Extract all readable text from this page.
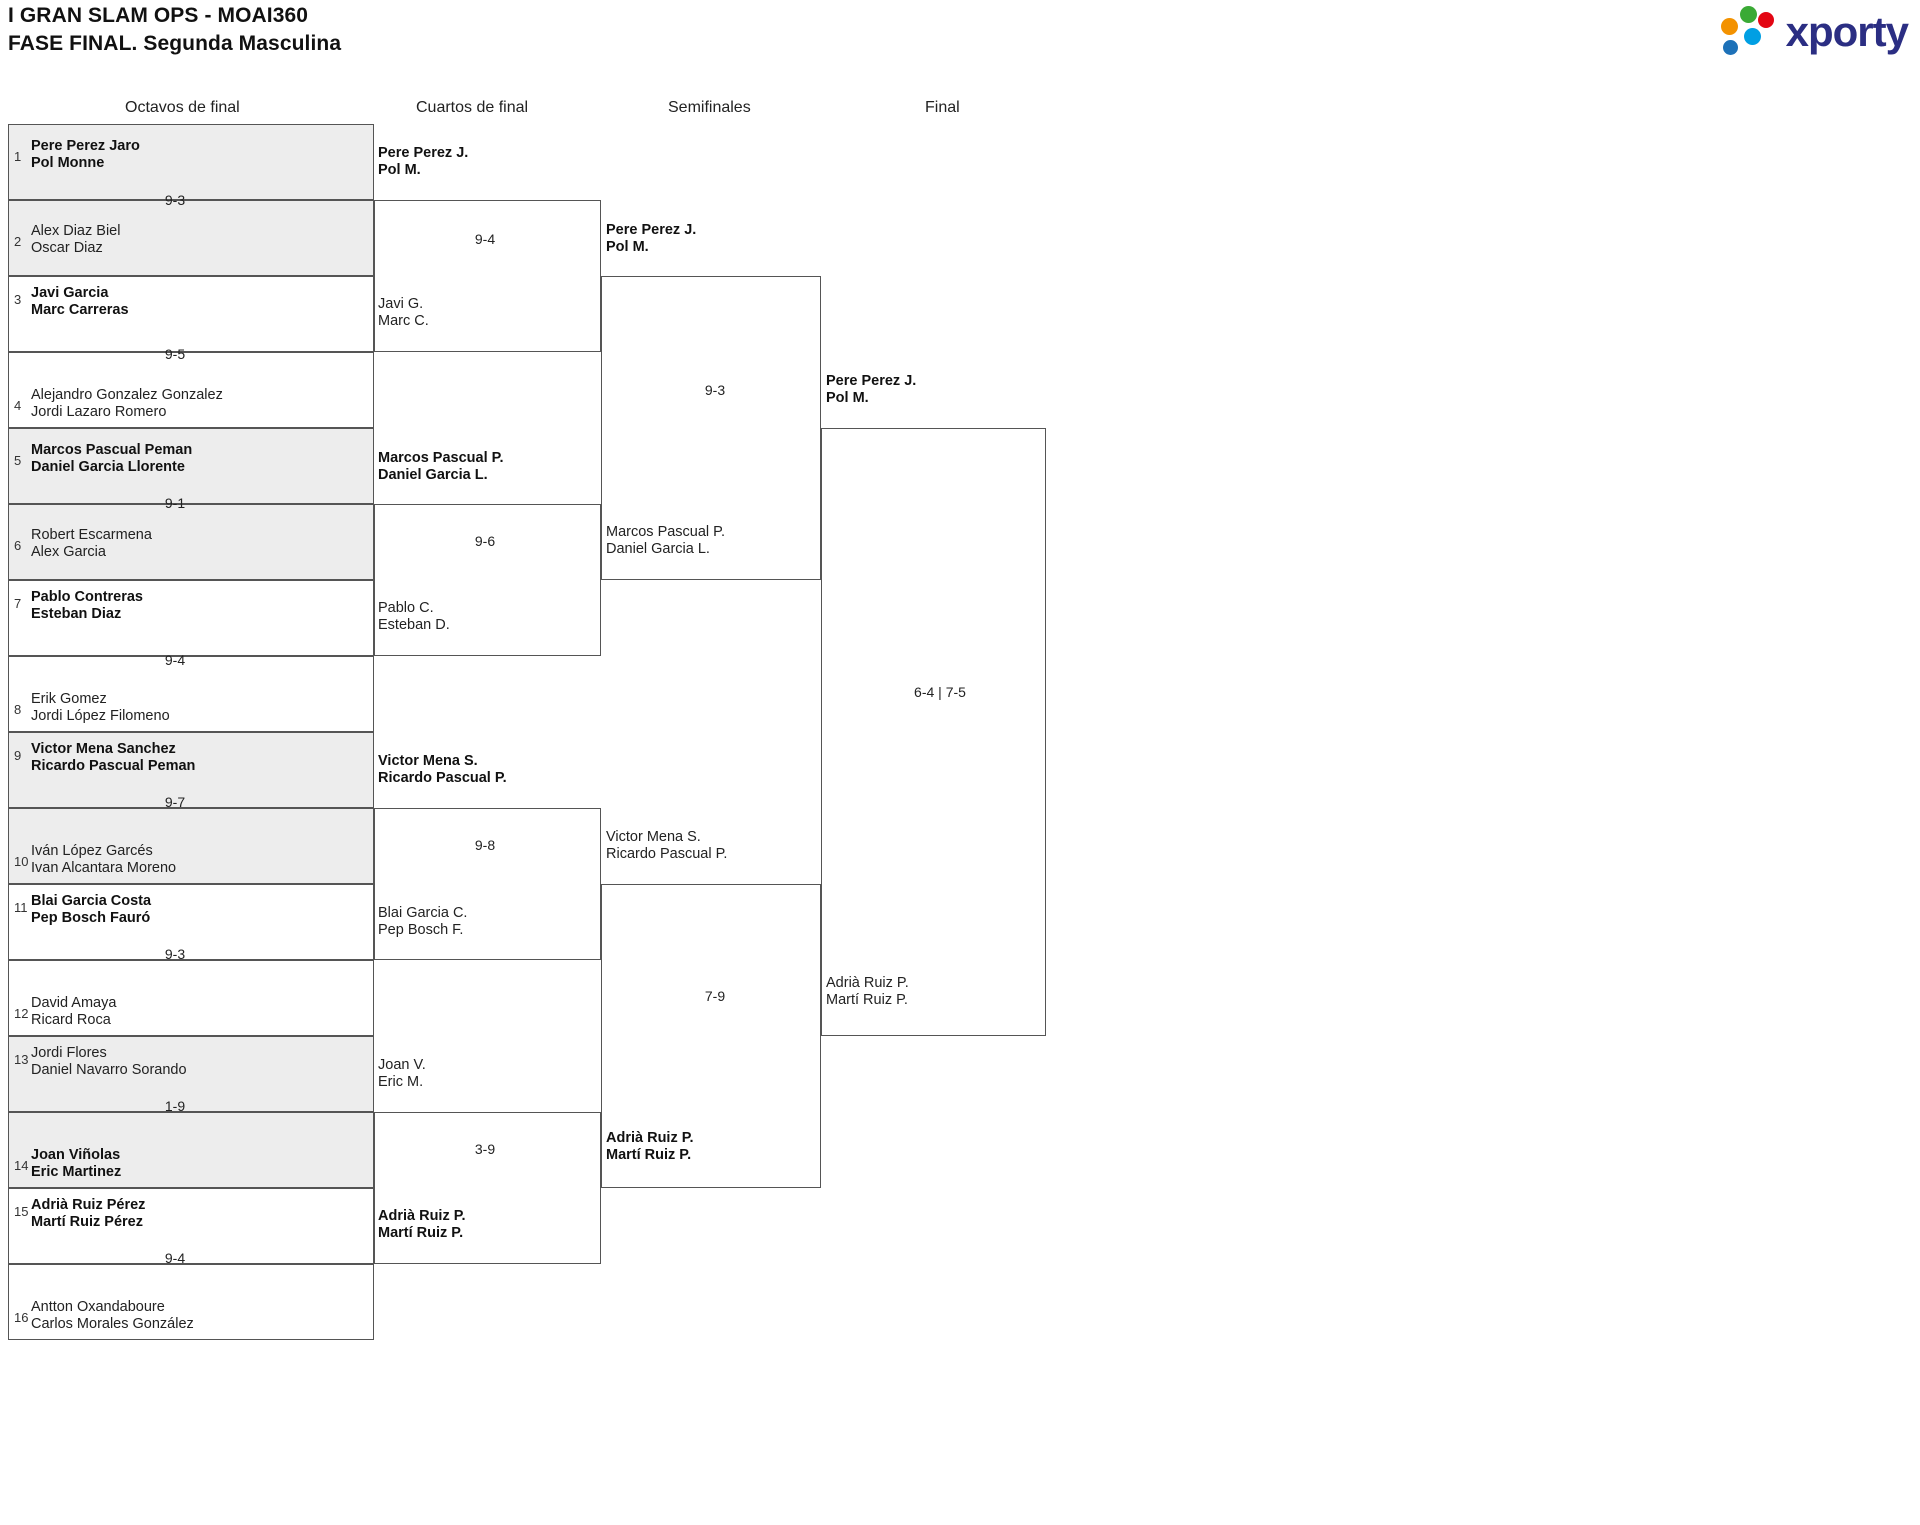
I GRAN SLAM OPS - MOAI360
FASE FINAL. Segunda Masculina	xporty
Octavos de final	Cuartos de final	Semifinales	Final
1
Pere Perez Jaro
Pol Monne
2
Alex Diaz Biel
Oscar Diaz
9-3
3 Javi Garcia
Marc Carreras
4
Alejandro Gonzalez Gonzalez
Jordi Lazaro Romero
9-5
5
Marcos Pascual Peman
Daniel Garcia Llorente
6
Robert Escarmena
Alex Garcia
9-1
7 Pablo Contreras
Esteban Diaz
8
Erik Gomez
Jordi López Filomeno
9-4
9 Victor Mena Sanchez
Ricardo Pascual Peman
10
Iván López Garcés
Ivan Alcantara Moreno
9-7
11 Blai Garcia Costa
Pep Bosch Fauró
12
David Amaya
Ricard Roca
9-3
13 Jordi Flores
Daniel Navarro Sorando
14
Joan Viñolas
Eric Martinez
1-9
15 Adrià Ruiz Pérez
Martí Ruiz Pérez
16
Antton Oxandaboure
Carlos Morales González
9-4
Pere Perez J.
Pol M.
Javi G.
Marc C.
9-4
Marcos Pascual P.
Daniel Garcia L.
Pablo C.
Esteban D.
9-6
Victor Mena S.
Ricardo Pascual P.
Blai Garcia C.
Pep Bosch F.
9-8
Joan V.
Eric M.
Adrià Ruiz P.
Martí Ruiz P.
3-9
Pere Perez J.
Pol M.
Marcos Pascual P.
Daniel Garcia L.
9-3
Victor Mena S.
Ricardo Pascual P.
Adrià Ruiz P.
Martí Ruiz P.
7-9
Pere Perez J.
Pol M.
Adrià Ruiz P.
Martí Ruiz P.
6-4 | 7-5
